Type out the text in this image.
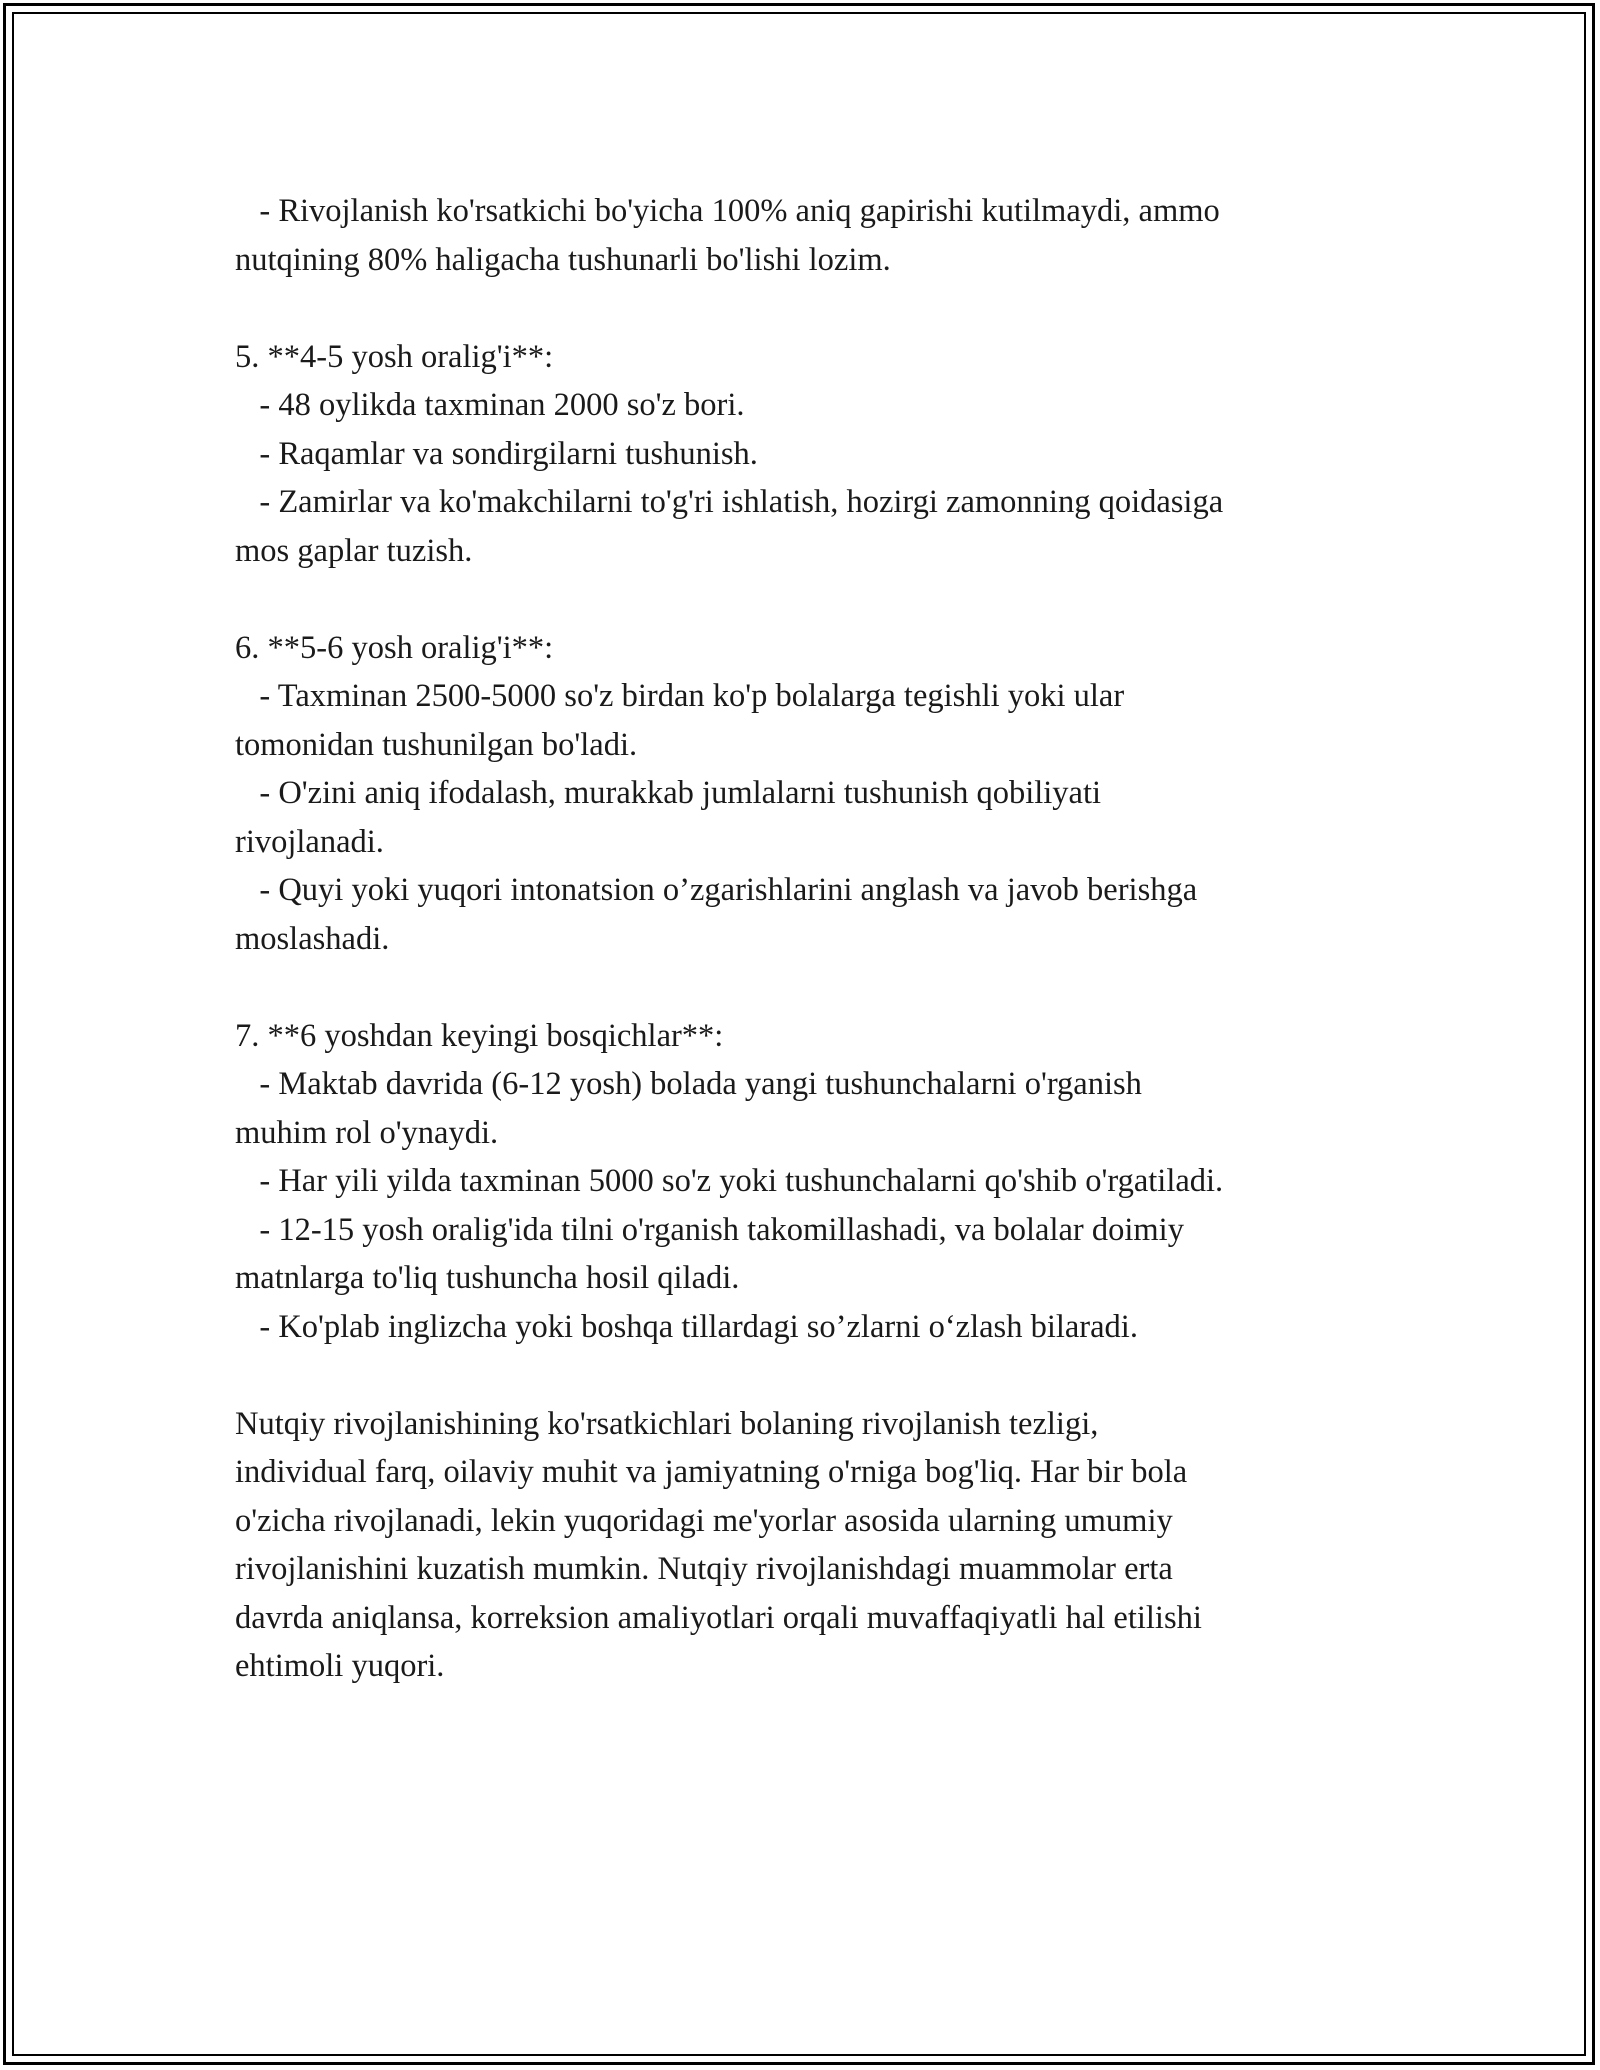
- Rivojlanish ko'rsatkichi bo'yicha 100% aniq gapirishi kutilmaydi, ammo
nutqining 80% haligacha tushunarli bo'lishi lozim.
5. **4-5 yosh oralig'i**:
- 48 oylikda taxminan 2000 so'z bori.
- Raqamlar va sondirgilarni tushunish.
- Zamirlar va ko'makchilarni to'g'ri ishlatish, hozirgi zamonning qoidasiga
mos gaplar tuzish.
6. **5-6 yosh oralig'i**:
- Taxminan 2500-5000 so'z birdan ko'p bolalarga tegishli yoki ular
tomonidan tushunilgan bo'ladi.
- O'zini aniq ifodalash, murakkab jumlalarni tushunish qobiliyati
rivojlanadi.
- Quyi yoki yuqori intonatsion o’zgarishlarini anglash va javob berishga
moslashadi.
7. **6 yoshdan keyingi bosqichlar**:
- Maktab davrida (6-12 yosh) bolada yangi tushunchalarni o'rganish
muhim rol o'ynaydi.
- Har yili yilda taxminan 5000 so'z yoki tushunchalarni qo'shib o'rgatiladi.
- 12-15 yosh oralig'ida tilni o'rganish takomillashadi, va bolalar doimiy
matnlarga to'liq tushuncha hosil qiladi.
- Ko'plab inglizcha yoki boshqa tillardagi so’zlarni o‘zlash bilaradi.
Nutqiy rivojlanishining ko'rsatkichlari bolaning rivojlanish tezligi,
individual farq, oilaviy muhit va jamiyatning o'rniga bog'liq. Har bir bola
o'zicha rivojlanadi, lekin yuqoridagi me'yorlar asosida ularning umumiy
rivojlanishini kuzatish mumkin. Nutqiy rivojlanishdagi muammolar erta
davrda aniqlansa, korreksion amaliyotlari orqali muvaffaqiyatli hal etilishi
ehtimoli yuqori.
